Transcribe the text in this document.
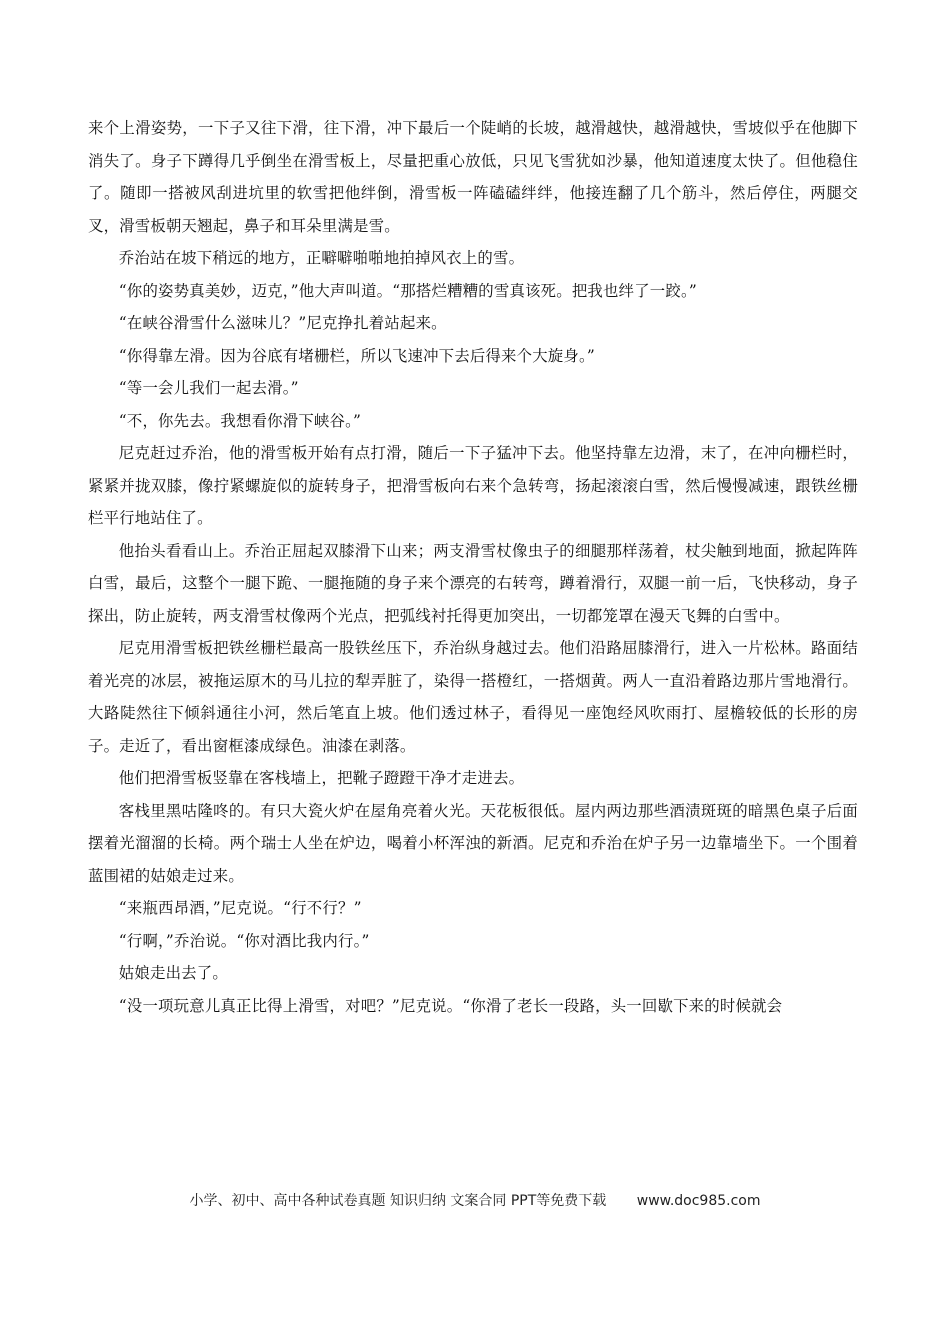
来个上滑姿势，一下子又往下滑，往下滑，冲下最后一个陡峭的长坡，越滑越快，越滑越快，雪坡似乎在他脚下消失了。身子下蹲得几乎倒坐在滑雪板上，尽量把重心放低，只见飞雪犹如沙暴，他知道速度太快了。但他稳住了。随即一搭被风刮进坑里的软雪把他绊倒，滑雪板一阵磕磕绊绊，他接连翻了几个筋斗，然后停住，两腿交叉，滑雪板朝天翘起，鼻子和耳朵里满是雪。

乔治站在坡下稍远的地方，正噼噼啪啪地拍掉风衣上的雪。

“你的姿势真美妙，迈克，”他大声叫道。“那搭烂糟糟的雪真该死。把我也绊了一跤。”

“在峡谷滑雪什么滋味儿？”尼克挣扎着站起来。

“你得靠左滑。因为谷底有堵栅栏，所以飞速冲下去后得来个大旋身。”

“等一会儿我们一起去滑。”

“不，你先去。我想看你滑下峡谷。”

尼克赶过乔治，他的滑雪板开始有点打滑，随后一下子猛冲下去。他坚持靠左边滑，末了，在冲向栅栏时，紧紧并拢双膝，像拧紧螺旋似的旋转身子，把滑雪板向右来个急转弯，扬起滚滚白雪，然后慢慢减速，跟铁丝栅栏平行地站住了。

他抬头看看山上。乔治正屈起双膝滑下山来；两支滑雪杖像虫子的细腿那样荡着，杖尖触到地面，掀起阵阵白雪，最后，这整个一腿下跪、一腿拖随的身子来个漂亮的右转弯，蹲着滑行，双腿一前一后，飞快移动，身子探出，防止旋转，两支滑雪杖像两个光点，把弧线衬托得更加突出，一切都笼罩在漫天飞舞的白雪中。

尼克用滑雪板把铁丝栅栏最高一股铁丝压下，乔治纵身越过去。他们沿路屈膝滑行，进入一片松林。路面结着光亮的冰层，被拖运原木的马儿拉的犁弄脏了，染得一搭橙红，一搭烟黄。两人一直沿着路边那片雪地滑行。大路陡然往下倾斜通往小河，然后笔直上坡。他们透过林子，看得见一座饱经风吹雨打、屋檐较低的长形的房子。走近了，看出窗框漆成绿色。油漆在剥落。

他们把滑雪板竖靠在客栈墙上，把靴子蹬蹬干净才走进去。

客栈里黑咕隆咚的。有只大瓷火炉在屋角亮着火光。天花板很低。屋内两边那些酒渍斑斑的暗黑色桌子后面摆着光溜溜的长椅。两个瑞士人坐在炉边，喝着小杯浑浊的新酒。尼克和乔治在炉子另一边靠墙坐下。一个围着蓝围裙的姑娘走过来。

“来瓶西昂酒，”尼克说。“行不行？”

“行啊，”乔治说。“你对酒比我内行。”

姑娘走出去了。

“没一项玩意儿真正比得上滑雪，对吧？”尼克说。“你滑了老长一段路，头一回歇下来的时候就会

小学、初中、高中各种试卷真题 知识归纳 文案合同 PPT等免费下载 www.doc985.com
